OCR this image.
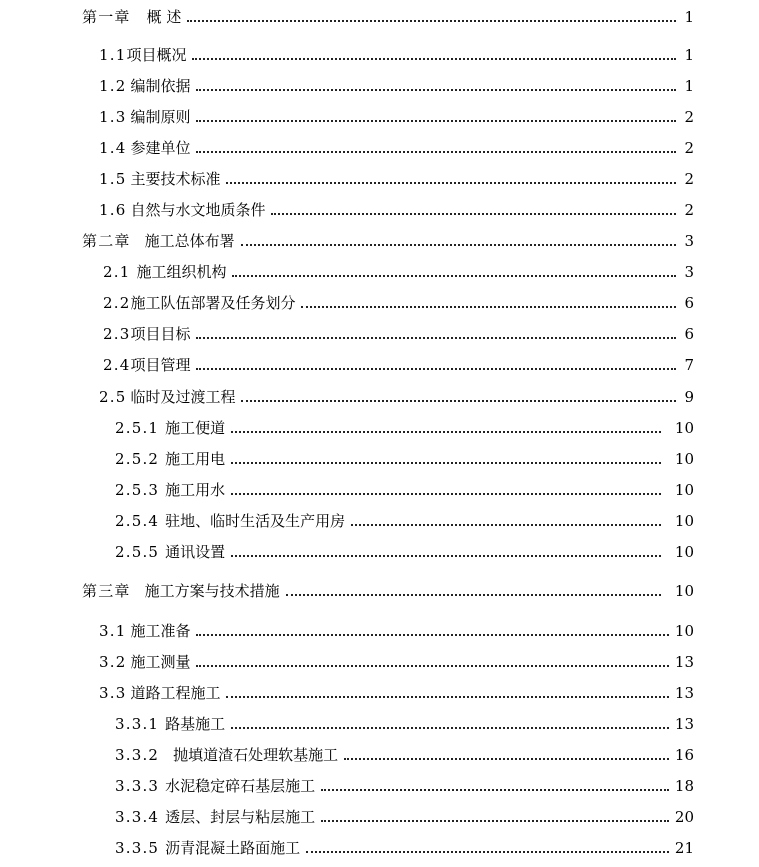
第一章 概 述	1
1.1 项目概况	1
1.2 编制依据	1
1.3 编制原则	2
1.4 参建单位	2
1.5 主要技术标准	2
1.6 自然与水文地质条件	2
第二章 施工总体布署	3
2.1 施工组织机构	3
2.2 施工队伍部署及任务划分	6
2.3 项目目标	6
2.4 项目管理	7
2.5 临时及过渡工程	9
2.5.1 施工便道	10
2.5.2 施工用电	10
2.5.3 施工用水	10
2.5.4 驻地、临时生活及生产用房	10
2.5.5 通讯设置	10
第三章 施工方案与技术措施	10
3.1 施工准备	10
3.2 施工测量	13
3.3 道路工程施工	13
3.3.1 路基施工	13
3.3.2 抛填道渣石处理软基施工	16
3.3.3 水泥稳定碎石基层施工	18
3.3.4 透层、封层与粘层施工	20
3.3.5 沥青混凝土路面施工	21
